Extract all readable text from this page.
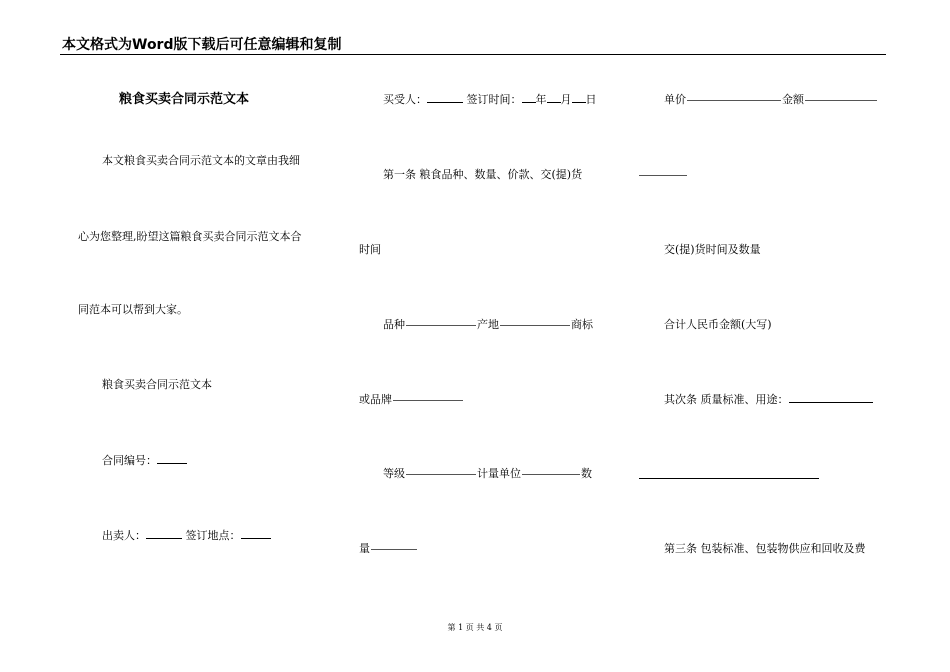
本文格式为Word版下载后可任意编辑和复制
粮食买卖合同示范文本
本文粮食买卖合同示范文本的文章由我细
心为您整理,盼望这篇粮食买卖合同示范文本合
同范本可以帮到大家。
粮食买卖合同示范文本
合同编号：
出卖人：	签订地点：
买受人：	签订时间： 年 月 日
第一条 粮食品种、数量、价款、交(提)货
时间
品种	产地	商标
或品牌
等级	计量单位	数
量
单价	金额
交(提)货时间及数量
合计人民币金额(大写)
其次条 质量标准、用途：
第三条 包装标准、包装物供应和回收及费
第 1 页 共 4 页
